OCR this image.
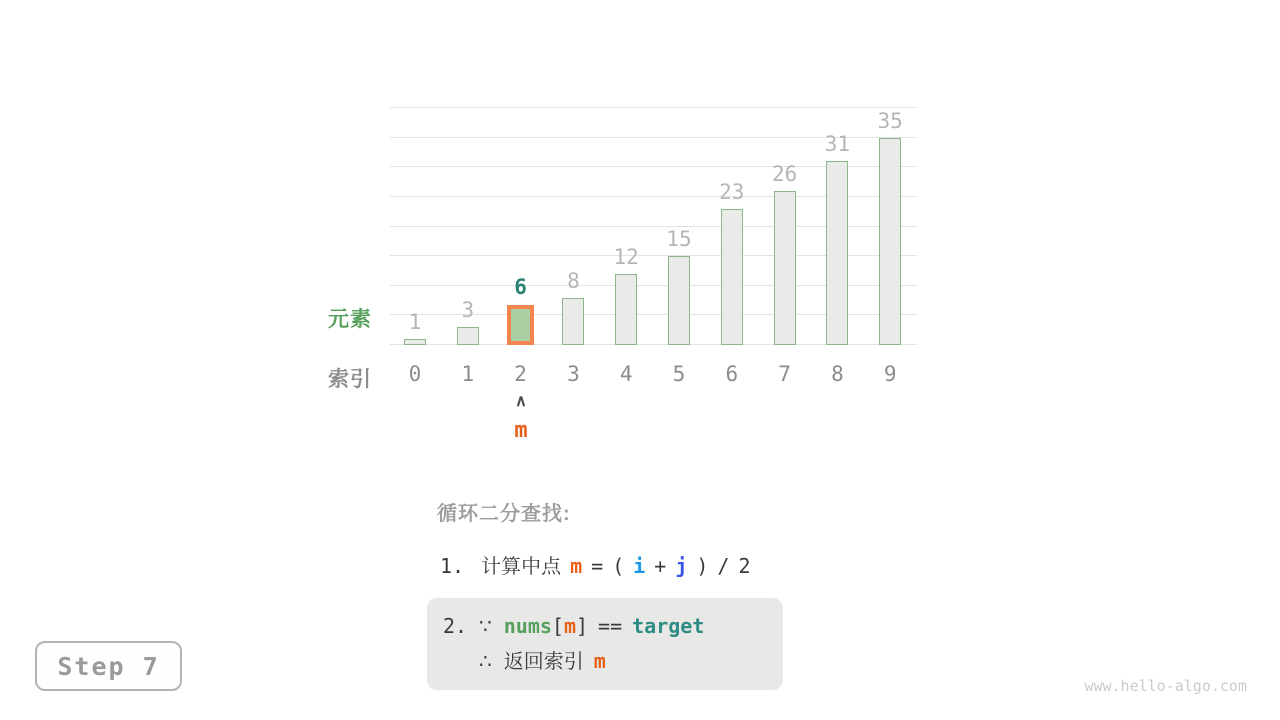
1
0
3
1
6
2
8
3
12
4
15
5
23
6
26
7
31
8
35
9
元素
索引
∧
m
循环二分查找:
1. 计算中点 m = ( i + j ) / 2
2. ∵ nums [ m ] == target
∴ 返回索引 m
Step 7
www.hello-algo.com
